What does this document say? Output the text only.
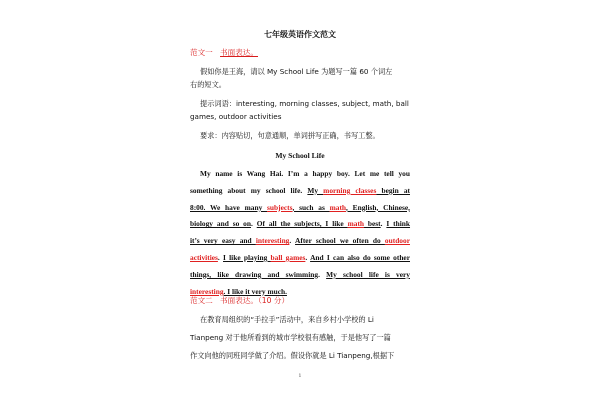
七年级英语作文范文
范文一 书面表达。
假如你是王海，请以 My School Life 为题写一篇 60 个词左
右的短文。
提示词语：interesting, morning classes, subject, math, ball
games, outdoor activities
要求：内容贴切，句意通顺，单词拼写正确，书写工整。
My School Life
My name is Wang Hai. I’m a happy boy. Let me tell you
something about my school life. My morning classes begin at
8:00. We have many subjects, such as math, English, Chinese,
biology and so on. Of all the subjects, I like math best. I think
it’s very easy and interesting. After school we often do outdoor
activities. I like playing ball games. And I can also do some other
things, like drawing and swimming. My school life is very
interesting. I like it very much.
范文二 书面表达。（10 分）
在教育局组织的“手拉手”活动中，来自乡村小学校的 Li
Tianpeng 对于他所看到的城市学校很有感触，于是他写了一篇
作文向他的同班同学做了介绍。假设你就是 Li Tianpeng,根据下
1
